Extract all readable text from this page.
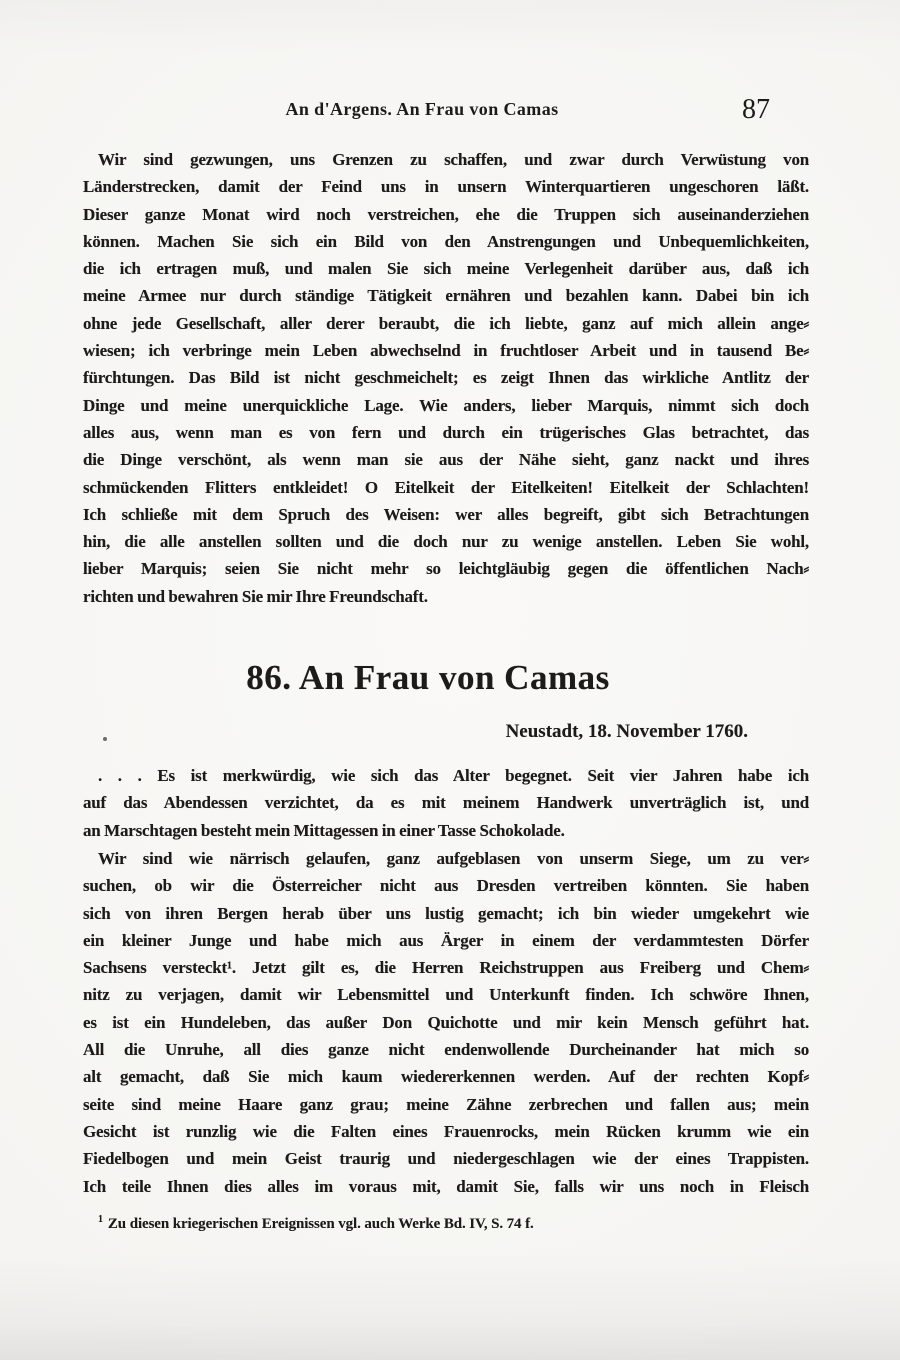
An d'Argens. An Frau von Camas	87
Wir sind gezwungen, uns Grenzen zu schaffen, und zwar durch Verwüstung von
Länderstrecken, damit der Feind uns in unsern Winterquartieren ungeschoren läßt.
Dieser ganze Monat wird noch verstreichen, ehe die Truppen sich auseinanderziehen
können. Machen Sie sich ein Bild von den Anstrengungen und Unbequemlichkeiten,
die ich ertragen muß, und malen Sie sich meine Verlegenheit darüber aus, daß ich
meine Armee nur durch ständige Tätigkeit ernähren und bezahlen kann. Dabei bin ich
ohne jede Gesellschaft, aller derer beraubt, die ich liebte, ganz auf mich allein ange⸗
wiesen; ich verbringe mein Leben abwechselnd in fruchtloser Arbeit und in tausend Be⸗
fürchtungen. Das Bild ist nicht geschmeichelt; es zeigt Ihnen das wirkliche Antlitz der
Dinge und meine unerquickliche Lage. Wie anders, lieber Marquis, nimmt sich doch
alles aus, wenn man es von fern und durch ein trügerisches Glas betrachtet, das
die Dinge verschönt, als wenn man sie aus der Nähe sieht, ganz nackt und ihres
schmückenden Flitters entkleidet! O Eitelkeit der Eitelkeiten! Eitelkeit der Schlachten!
Ich schließe mit dem Spruch des Weisen: wer alles begreift, gibt sich Betrachtungen
hin, die alle anstellen sollten und die doch nur zu wenige anstellen. Leben Sie wohl,
lieber Marquis; seien Sie nicht mehr so leichtgläubig gegen die öffentlichen Nach⸗
richten und bewahren Sie mir Ihre Freundschaft.
86. An Frau von Camas
Neustadt, 18. November 1760.
. . . Es ist merkwürdig, wie sich das Alter begegnet. Seit vier Jahren habe ich
auf das Abendessen verzichtet, da es mit meinem Handwerk unverträglich ist, und
an Marschtagen besteht mein Mittagessen in einer Tasse Schokolade.
Wir sind wie närrisch gelaufen, ganz aufgeblasen von unserm Siege, um zu ver⸗
suchen, ob wir die Österreicher nicht aus Dresden vertreiben könnten. Sie haben
sich von ihren Bergen herab über uns lustig gemacht; ich bin wieder umgekehrt wie
ein kleiner Junge und habe mich aus Ärger in einem der verdammtesten Dörfer
Sachsens versteckt¹. Jetzt gilt es, die Herren Reichstruppen aus Freiberg und Chem⸗
nitz zu verjagen, damit wir Lebensmittel und Unterkunft finden. Ich schwöre Ihnen,
es ist ein Hundeleben, das außer Don Quichotte und mir kein Mensch geführt hat.
All die Unruhe, all dies ganze nicht endenwollende Durcheinander hat mich so
alt gemacht, daß Sie mich kaum wiedererkennen werden. Auf der rechten Kopf⸗
seite sind meine Haare ganz grau; meine Zähne zerbrechen und fallen aus; mein
Gesicht ist runzlig wie die Falten eines Frauenrocks, mein Rücken krumm wie ein
Fiedelbogen und mein Geist traurig und niedergeschlagen wie der eines Trappisten.
Ich teile Ihnen dies alles im voraus mit, damit Sie, falls wir uns noch in Fleisch
$^1$ Zu diesen kriegerischen Ereignissen vgl. auch Werke Bd. IV, S. 74 f.
